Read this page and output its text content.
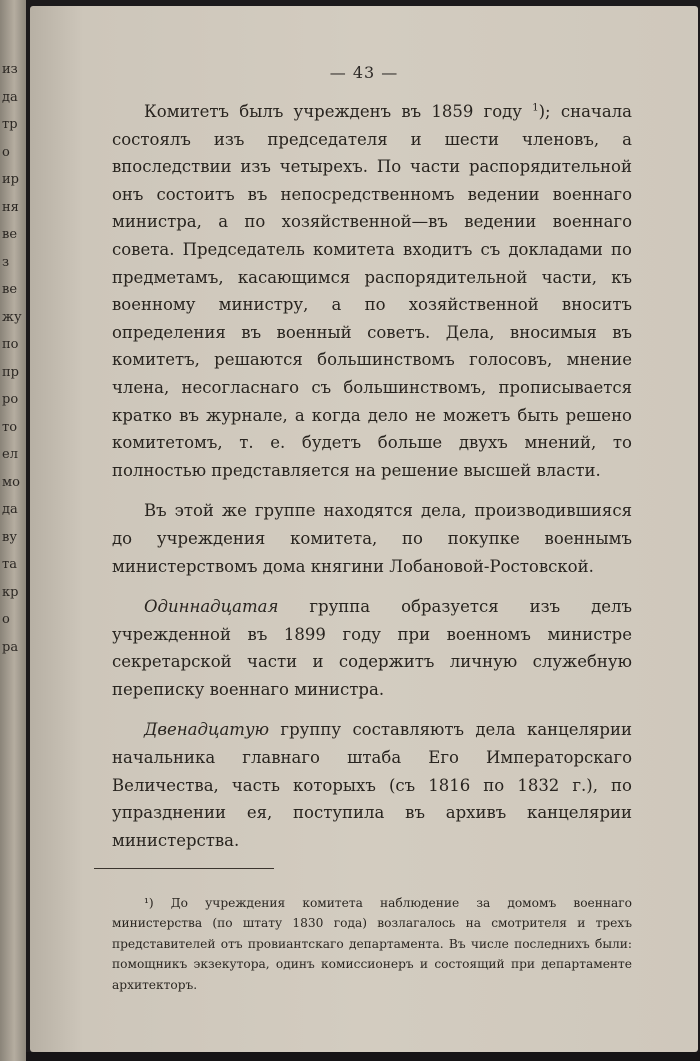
из
да
тр
о
ир
ня
ве
з
ве
жу
по
пр
ро
то
ел
мо
да
ву
та
кр
о
ра
— 43 —

Комитетъ былъ учрежденъ въ 1859 году $^1$); сначала состоялъ изъ председателя и шести членовъ, а впоследствии изъ четырехъ. По части распорядительной онъ состоитъ въ непосредственномъ ведении военнаго министра, а по хозяйственной—въ ведении военнаго совета. Председатель комитета входитъ съ докладами по предметамъ, касающимся распорядительной части, къ военному министру, а по хозяйственной вноситъ определения въ военный советъ. Дела, вносимыя въ комитетъ, решаются большинствомъ голосовъ, мнение члена, несогласнаго съ большинствомъ, прописывается кратко въ журнале, а когда дело не можетъ быть решено комитетомъ, т. е. будетъ больше двухъ мнений, то полностью представляется на решение высшей власти.

Въ этой же группе находятся дела, производившияся до учреждения комитета, по покупке военнымъ министерствомъ дома княгини Лобановой-Ростовской.

Одиннадцатая группа образуется изъ делъ учрежденной въ 1899 году при военномъ министре секретарской части и содержитъ личную служебную переписку военнаго министра.

Двенадцатую группу составляютъ дела канцелярии начальника главнаго штаба Его Императорскаго Величества, часть которыхъ (съ 1816 по 1832 г.), по упразднении ея, поступила въ архивъ канцелярии министерства.

¹) До учреждения комитета наблюдение за домомъ военнаго министерства (по штату 1830 года) возлагалось на смотрителя и трехъ представителей отъ провиантскаго департамента. Въ числе последнихъ были: помощникъ экзекутора, одинъ комиссионеръ и состоящий при департаменте архитекторъ.
